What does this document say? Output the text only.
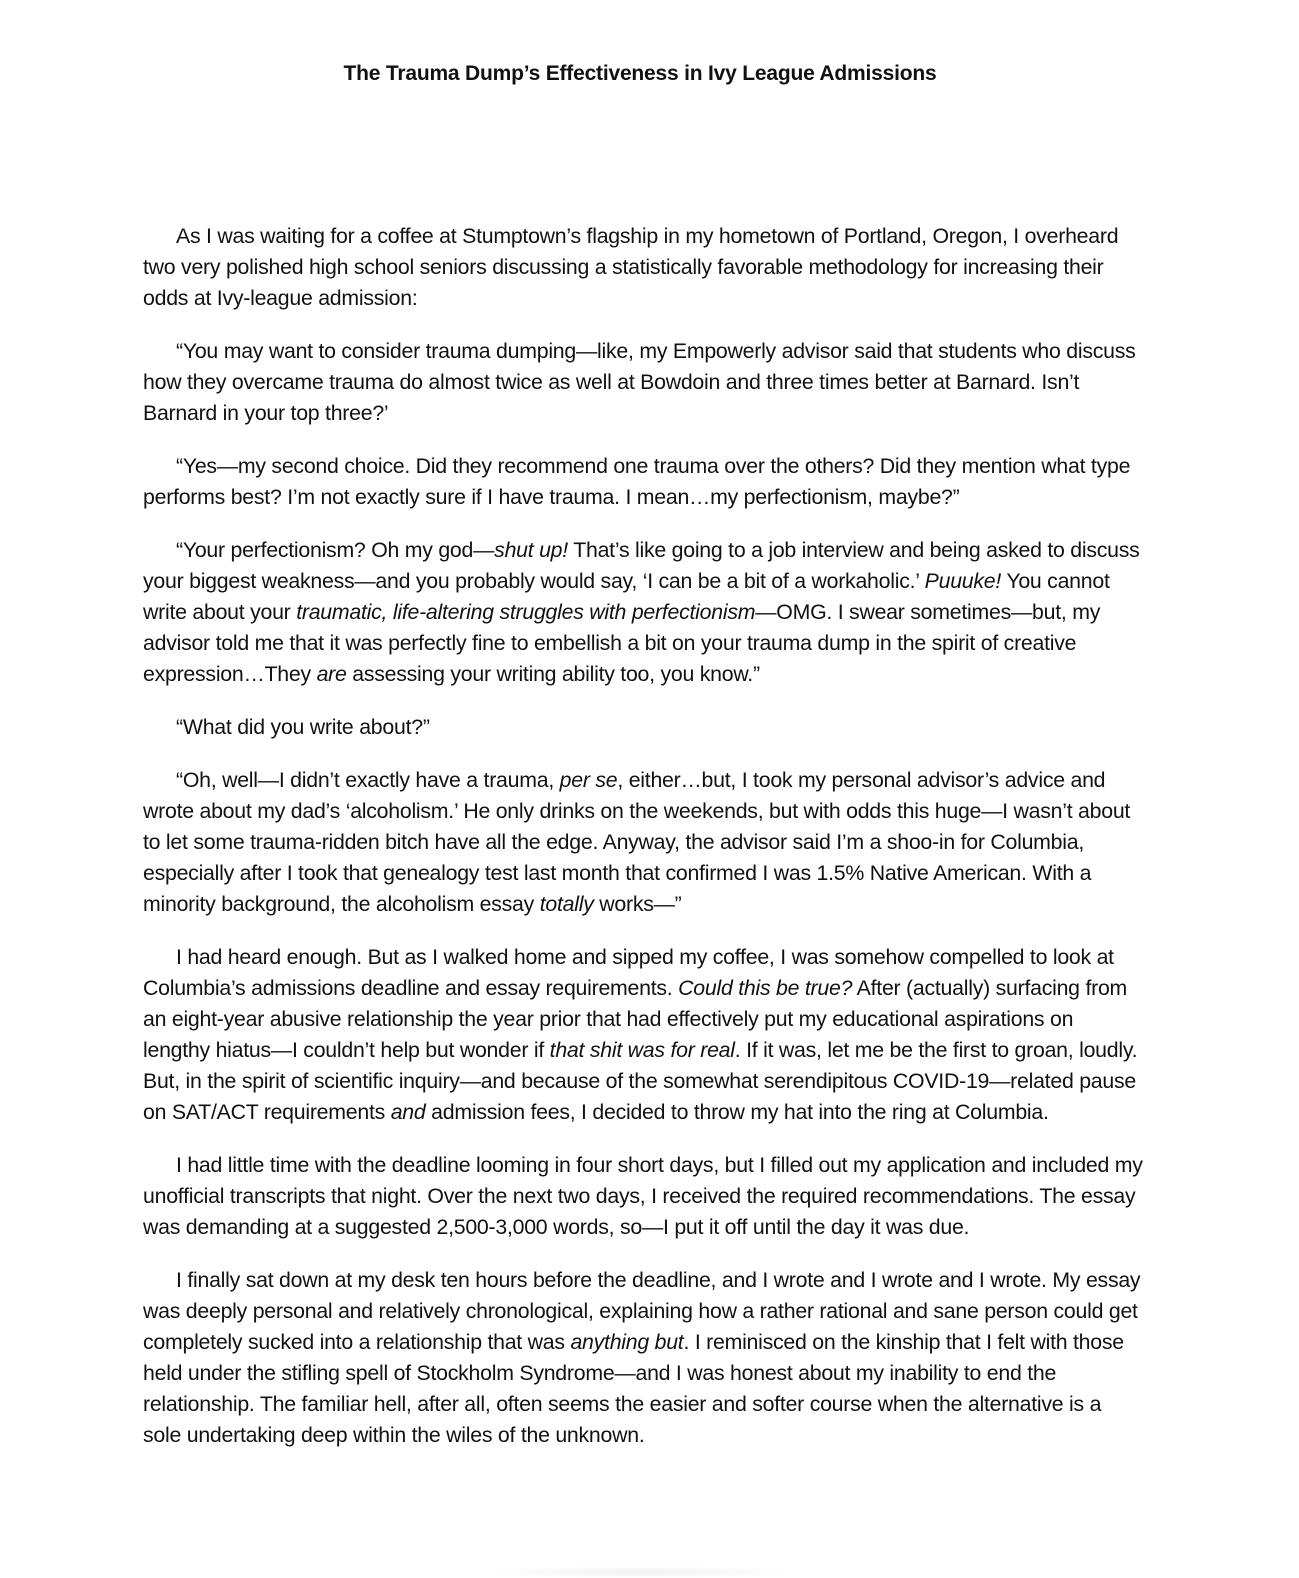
The Trauma Dump’s Effectiveness in Ivy League Admissions

As I was waiting for a coffee at Stumptown’s flagship in my hometown of Portland, Oregon, I overheard two very polished high school seniors discussing a statistically favorable methodology for increasing their odds at Ivy-league admission:

“You may want to consider trauma dumping—like, my Empowerly advisor said that students who discuss how they overcame trauma do almost twice as well at Bowdoin and three times better at Barnard. Isn’t Barnard in your top three?’

“Yes—my second choice. Did they recommend one trauma over the others? Did they mention what type performs best? I’m not exactly sure if I have trauma. I mean…my perfectionism, maybe?”

“Your perfectionism? Oh my god—shut up! That’s like going to a job interview and being asked to discuss your biggest weakness—and you probably would say, ‘I can be a bit of a workaholic.’ Puuuke! You cannot write about your traumatic, life-altering struggles with perfectionism—OMG. I swear sometimes—but, my advisor told me that it was perfectly fine to embellish a bit on your trauma dump in the spirit of creative expression…They are assessing your writing ability too, you know.”

“What did you write about?”

“Oh, well—I didn’t exactly have a trauma, per se, either…but, I took my personal advisor’s advice and wrote about my dad’s ‘alcoholism.’ He only drinks on the weekends, but with odds this huge—I wasn’t about to let some trauma-ridden bitch have all the edge. Anyway, the advisor said I’m a shoo-in for Columbia, especially after I took that genealogy test last month that confirmed I was 1.5% Native American. With a minority background, the alcoholism essay totally works—”

I had heard enough. But as I walked home and sipped my coffee, I was somehow compelled to look at Columbia’s admissions deadline and essay requirements. Could this be true? After (actually) surfacing from an eight-year abusive relationship the year prior that had effectively put my educational aspirations on lengthy hiatus—I couldn’t help but wonder if that shit was for real. If it was, let me be the first to groan, loudly. But, in the spirit of scientific inquiry—and because of the somewhat serendipitous COVID-19—related pause on SAT/ACT requirements and admission fees, I decided to throw my hat into the ring at Columbia.

I had little time with the deadline looming in four short days, but I filled out my application and included my unofficial transcripts that night. Over the next two days, I received the required recommendations. The essay was demanding at a suggested 2,500-3,000 words, so—I put it off until the day it was due.

I finally sat down at my desk ten hours before the deadline, and I wrote and I wrote and I wrote. My essay was deeply personal and relatively chronological, explaining how a rather rational and sane person could get completely sucked into a relationship that was anything but. I reminisced on the kinship that I felt with those held under the stifling spell of Stockholm Syndrome—and I was honest about my inability to end the relationship. The familiar hell, after all, often seems the easier and softer course when the alternative is a sole undertaking deep within the wiles of the unknown.
